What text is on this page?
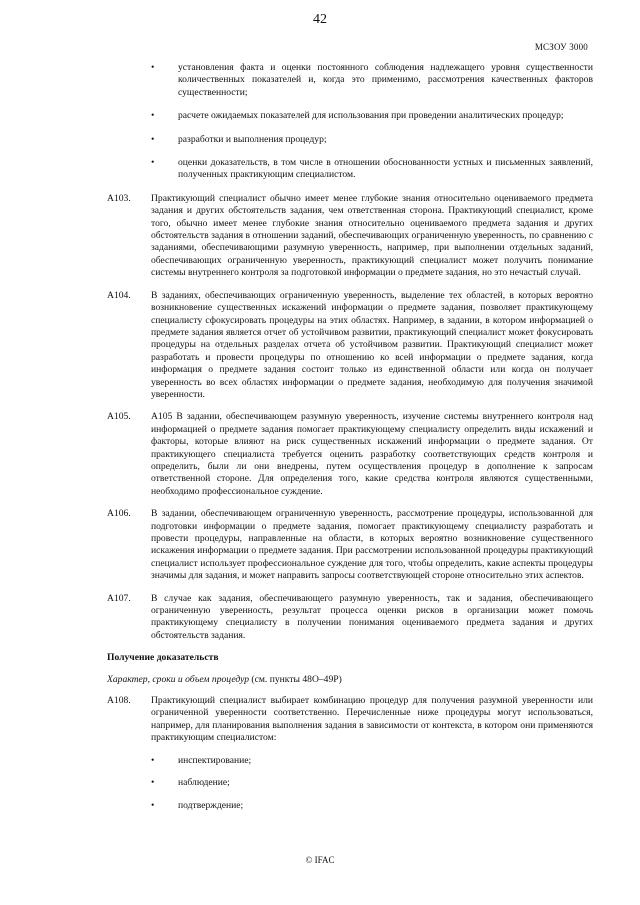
42
МСЗОУ 3000
• установления факта и оценки постоянного соблюдения надлежащего уровня существенности количественных показателей и, когда это применимо, рассмотрения качественных факторов существенности;
• расчете ожидаемых показателей для использования при проведении аналитических процедур;
• разработки и выполнения процедур;
• оценки доказательств, в том числе в отношении обоснованности устных и письменных заявлений, полученных практикующим специалистом.
A103. Практикующий специалист обычно имеет менее глубокие знания относительно оцениваемого предмета задания и других обстоятельств задания, чем ответственная сторона. Практикующий специалист, кроме того, обычно имеет менее глубокие знания относительно оцениваемого предмета задания и других обстоятельств задания в отношении заданий, обеспечивающих ограниченную уверенность, по сравнению с заданиями, обеспечивающими разумную уверенность, например, при выполнении отдельных заданий, обеспечивающих ограниченную уверенность, практикующий специалист может получить понимание системы внутреннего контроля за подготовкой информации о предмете задания, но это нечастый случай.
A104. В заданиях, обеспечивающих ограниченную уверенность, выделение тех областей, в которых вероятно возникновение существенных искажений информации о предмете задания, позволяет практикующему специалисту сфокусировать процедуры на этих областях. Например, в задании, в котором информацией о предмете задания является отчет об устойчивом развитии, практикующий специалист может фокусировать процедуры на отдельных разделах отчета об устойчивом развитии. Практикующий специалист может разработать и провести процедуры по отношению ко всей информации о предмете задания, когда информация о предмете задания состоит только из единственной области или когда он получает уверенность во всех областях информации о предмете задания, необходимую для получения значимой уверенности.
A105. A105 В задании, обеспечивающем разумную уверенность, изучение системы внутреннего контроля над информацией о предмете задания помогает практикующему специалисту определить виды искажений и факторы, которые влияют на риск существенных искажений информации о предмете задания. От практикующего специалиста требуется оценить разработку соответствующих средств контроля и определить, были ли они внедрены, путем осуществления процедур в дополнение к запросам ответственной стороне. Для определения того, какие средства контроля являются существенными, необходимо профессиональное суждение.
A106. В задании, обеспечивающем ограниченную уверенность, рассмотрение процедуры, использованной для подготовки информации о предмете задания, помогает практикующему специалисту разработать и провести процедуры, направленные на области, в которых вероятно возникновение существенного искажения информации о предмете задания. При рассмотрении использованной процедуры практикующий специалист использует профессиональное суждение для того, чтобы определить, какие аспекты процедуры значимы для задания, и может направить запросы соответствующей стороне относительно этих аспектов.
A107. В случае как задания, обеспечивающего разумную уверенность, так и задания, обеспечивающего ограниченную уверенность, результат процесса оценки рисков в организации может помочь практикующему специалисту в получении понимания оцениваемого предмета задания и других обстоятельств задания.
Получение доказательств
Характер, сроки и объем процедур (см. пункты 48О–49Р)
A108. Практикующий специалист выбирает комбинацию процедур для получения разумной уверенности или ограниченной уверенности соответственно. Перечисленные ниже процедуры могут использоваться, например, для планирования выполнения задания в зависимости от контекста, в котором они применяются практикующим специалистом:
• инспектирование;
• наблюдение;
• подтверждение;
© IFAC
